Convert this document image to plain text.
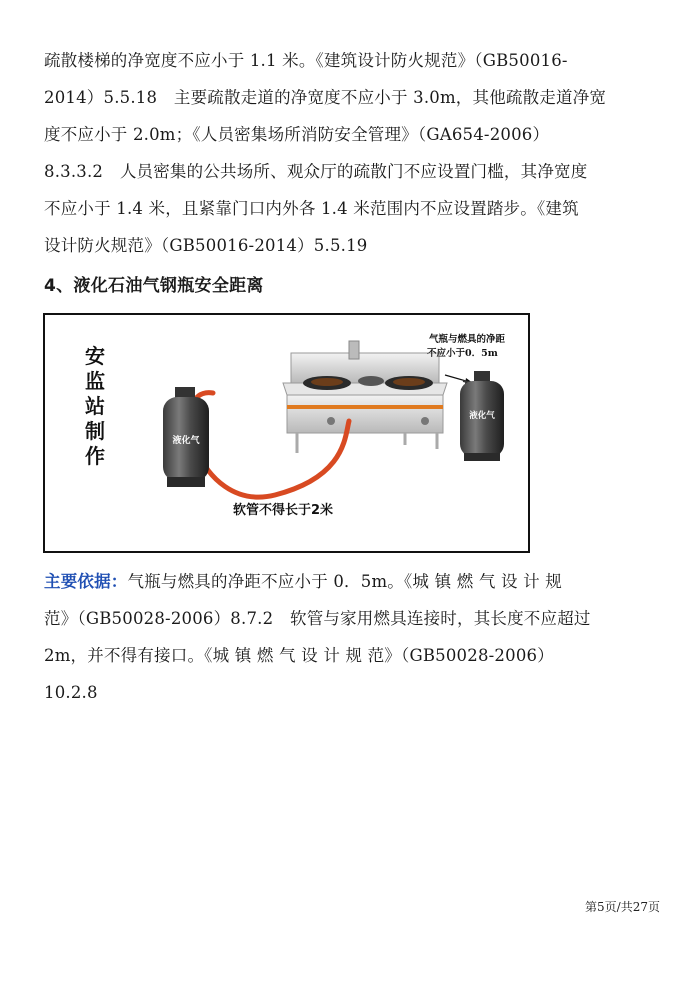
疏散楼梯的净宽度不应小于 1.1 米。《建筑设计防火规范》（GB50016-
2014）5.5.18　主要疏散走道的净宽度不应小于 3.0m，其他疏散走道净宽
度不应小于 2.0m；《人员密集场所消防安全管理》（GA654-2006）
8.3.3.2　人员密集的公共场所、观众厅的疏散门不应设置门槛，其净宽度
不应小于 1.4 米，且紧靠门口内外各 1.4 米范围内不应设置踏步。《建筑
设计防火规范》（GB50016-2014）5.5.19
4、液化石油气钢瓶安全距离
安
监
站
制
作
气瓶与燃具的净距
不应小于0．5m
液化气
液化气
软管不得长于2米
主要依据：气瓶与燃具的净距不应小于 0．5m。《城 镇 燃 气 设 计 规
范》（GB50028-2006）8.7.2　软管与家用燃具连接时，其长度不应超过
2m，并不得有接口。《城 镇 燃 气 设 计 规 范》（GB50028-2006）
10.2.8
第5页/共27页
